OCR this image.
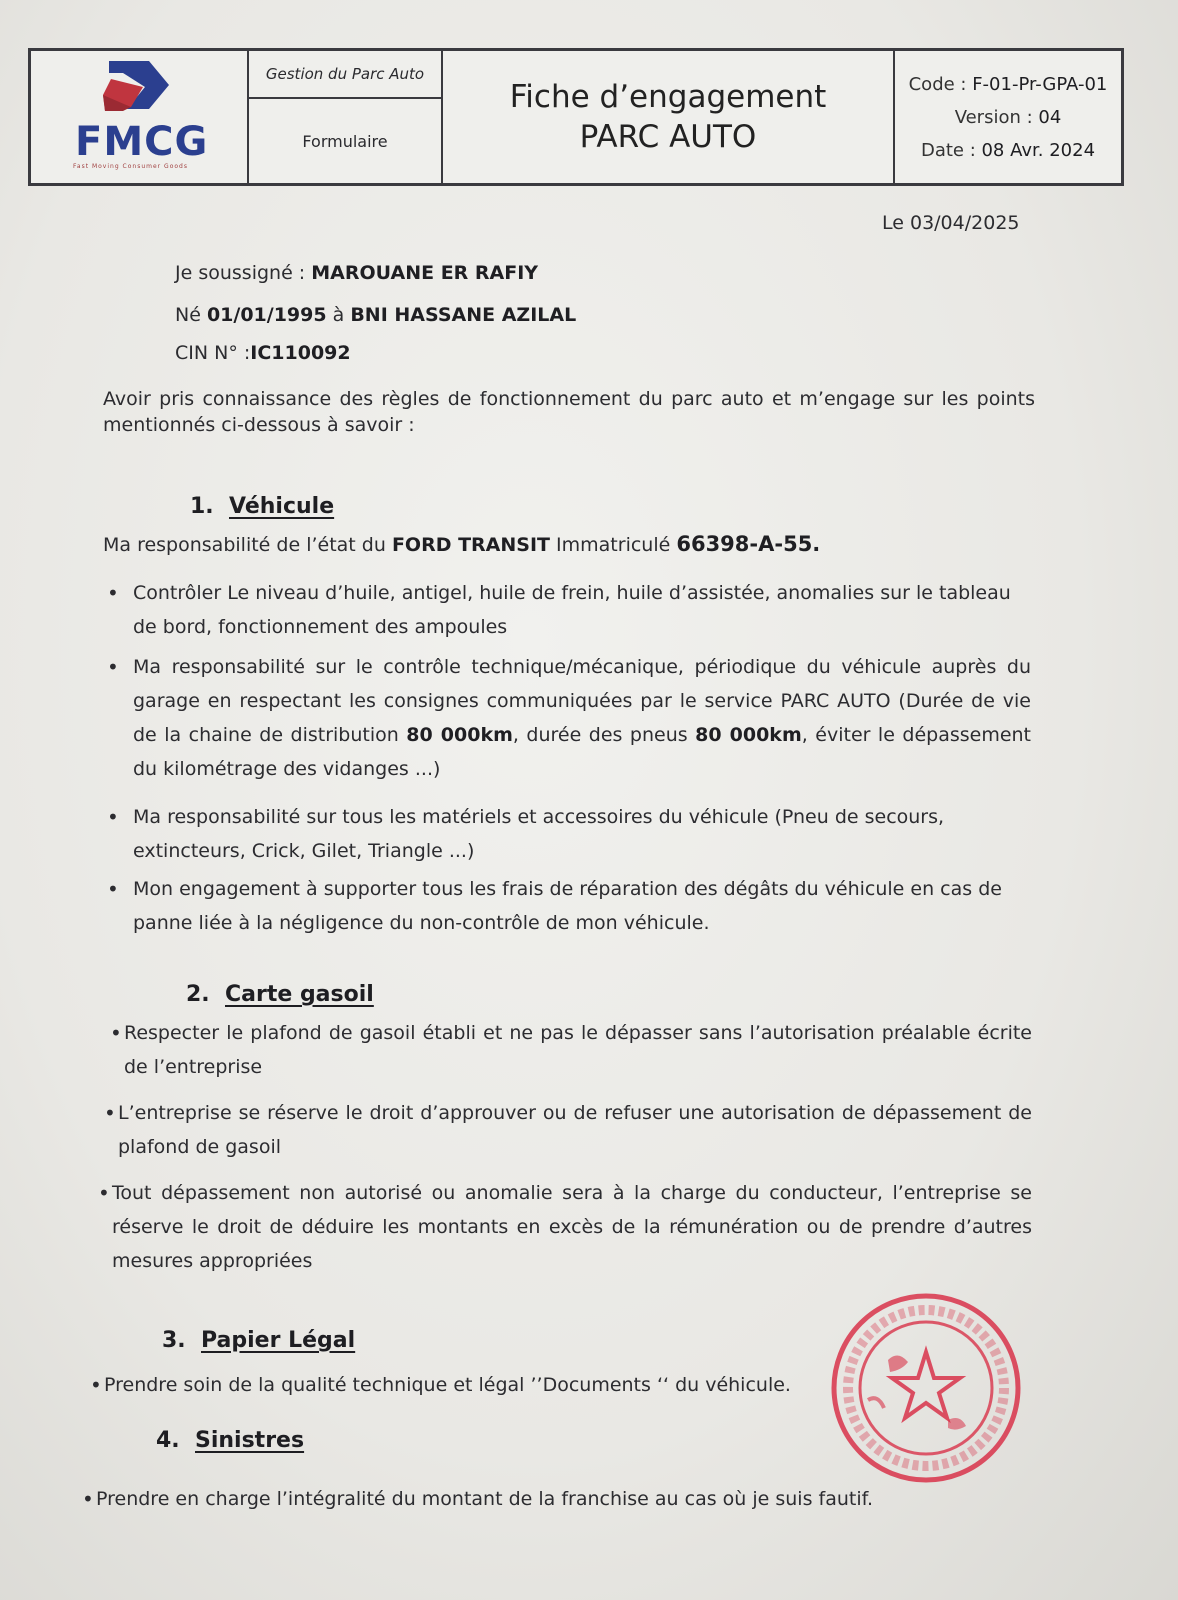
FMCG
Fast Moving Consumer Goods
Gestion du Parc Auto
Formulaire
Fiche d’engagement
PARC AUTO
Code : F-01-Pr-GPA-01
Version : 04
Date : 08 Avr. 2024
Le 03/04/2025
Je soussigné : MAROUANE ER RAFIY
Né 01/01/1995 à BNI HASSANE AZILAL
CIN N° :IC110092
Avoir pris connaissance des règles de fonctionnement du parc auto et m’engage sur les points mentionnés ci-dessous à savoir :
1. Véhicule
Ma responsabilité de l’état du FORD TRANSIT Immatriculé 66398-A-55.
• Contrôler Le niveau d’huile, antigel, huile de frein, huile d’assistée, anomalies sur le tableau de bord, fonctionnement des ampoules
• Ma responsabilité sur le contrôle technique/mécanique, périodique du véhicule auprès du garage en respectant les consignes communiquées par le service PARC AUTO (Durée de vie de la chaine de distribution 80 000km, durée des pneus 80 000km, éviter le dépassement du kilométrage des vidanges ...)
• Ma responsabilité sur tous les matériels et accessoires du véhicule (Pneu de secours, extincteurs, Crick, Gilet, Triangle ...)
• Mon engagement à supporter tous les frais de réparation des dégâts du véhicule en cas de panne liée à la négligence du non-contrôle de mon véhicule.
2. Carte gasoil
• Respecter le plafond de gasoil établi et ne pas le dépasser sans l’autorisation préalable écrite de l’entreprise
• L’entreprise se réserve le droit d’approuver ou de refuser une autorisation de dépassement de plafond de gasoil
• Tout dépassement non autorisé ou anomalie sera à la charge du conducteur, l’entreprise se réserve le droit de déduire les montants en excès de la rémunération ou de prendre d’autres mesures appropriées
3. Papier Légal
• Prendre soin de la qualité technique et légal ’’Documents ‘‘ du véhicule.
4. Sinistres
• Prendre en charge l’intégralité du montant de la franchise au cas où je suis fautif.
